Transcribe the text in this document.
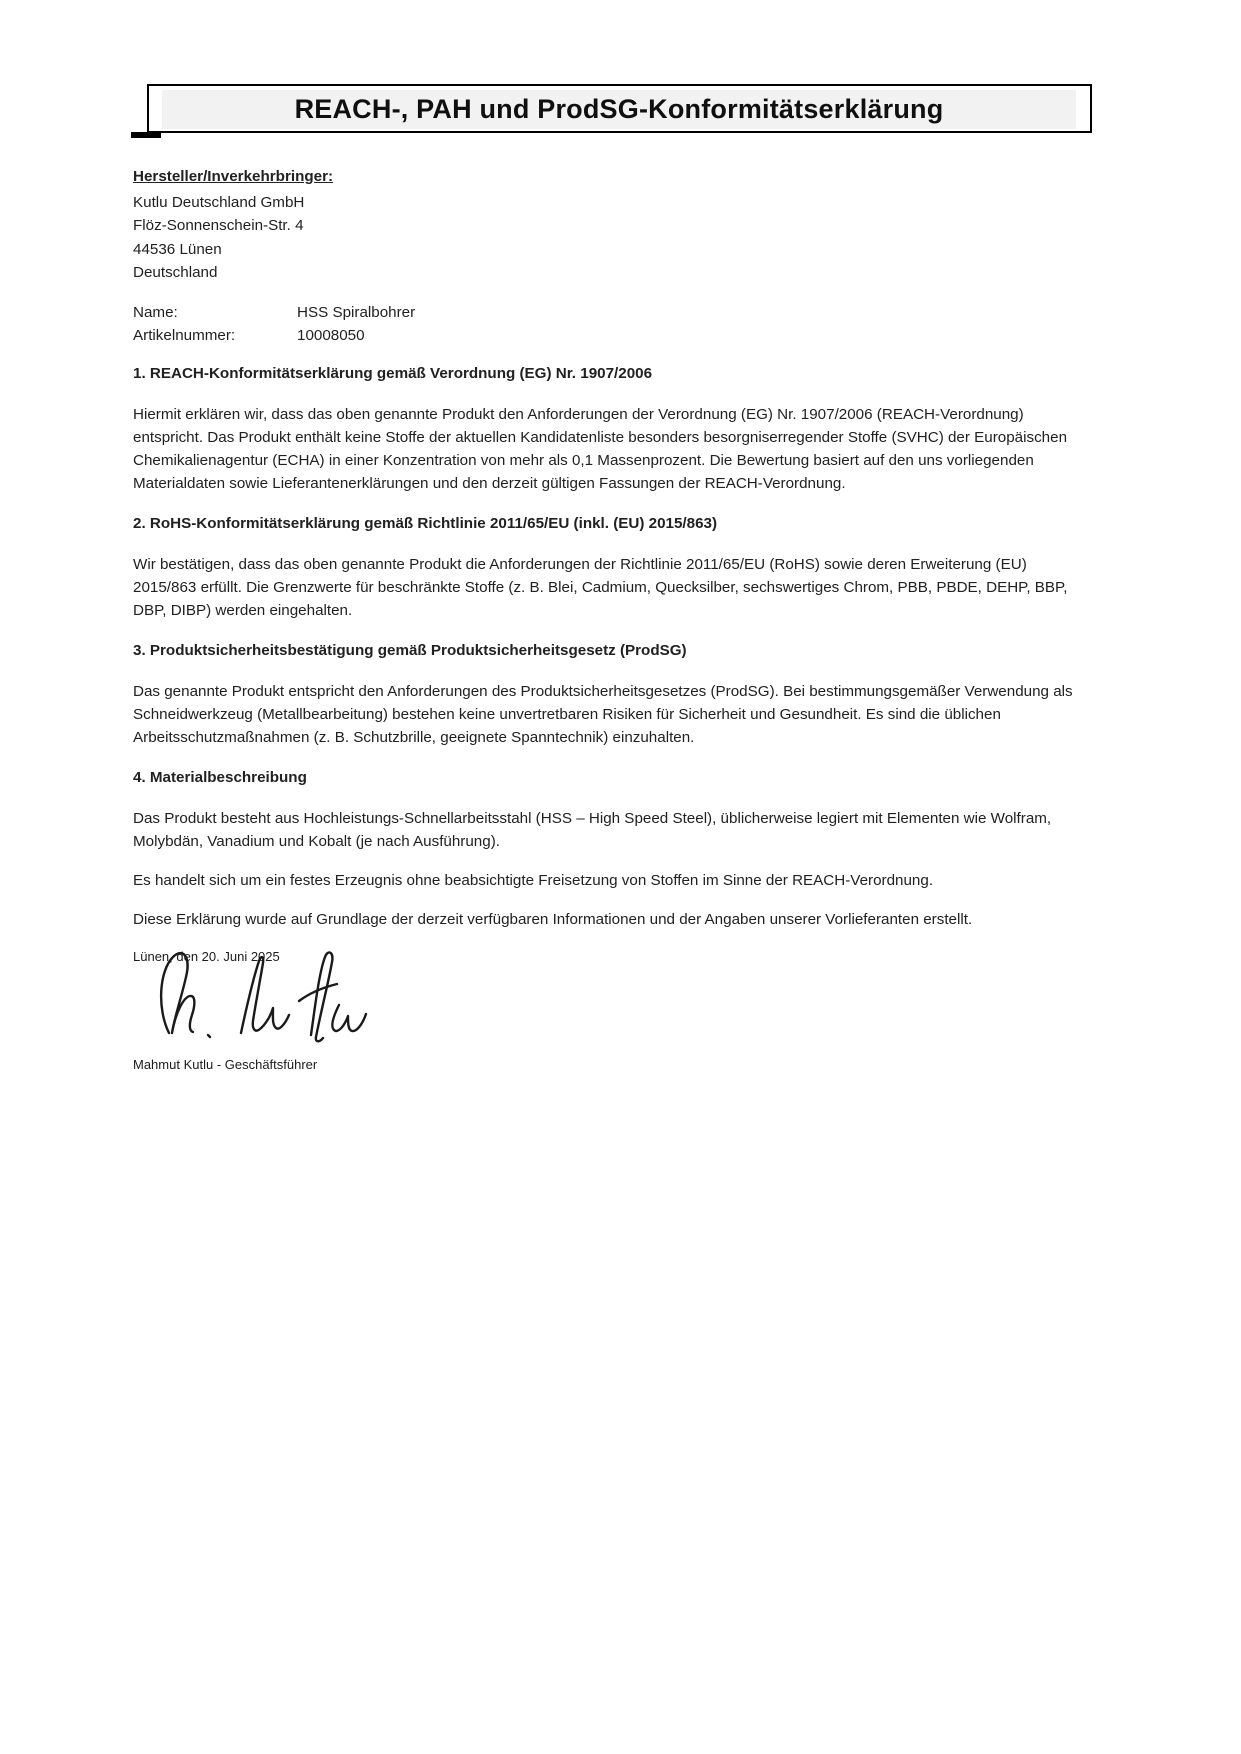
REACH-, PAH und ProdSG-Konformitätserklärung
Hersteller/Inverkehrbringer:
Kutlu Deutschland GmbH
Flöz-Sonnenschein-Str. 4
44536 Lünen
Deutschland
Name:	HSS Spiralbohrer
Artikelnummer:	10008050
1. REACH-Konformitätserklärung gemäß Verordnung (EG) Nr. 1907/2006

Hiermit erklären wir, dass das oben genannte Produkt den Anforderungen der Verordnung (EG) Nr. 1907/2006 (REACH-Verordnung) entspricht. Das Produkt enthält keine Stoffe der aktuellen Kandidatenliste besonders besorgniserregender Stoffe (SVHC) der Europäischen Chemikalienagentur (ECHA) in einer Konzentration von mehr als 0,1 Massenprozent. Die Bewertung basiert auf den uns vorliegenden Materialdaten sowie Lieferantenerklärungen und den derzeit gültigen Fassungen der REACH-Verordnung.

2. RoHS-Konformitätserklärung gemäß Richtlinie 2011/65/EU (inkl. (EU) 2015/863)

Wir bestätigen, dass das oben genannte Produkt die Anforderungen der Richtlinie 2011/65/EU (RoHS) sowie deren Erweiterung (EU) 2015/863 erfüllt. Die Grenzwerte für beschränkte Stoffe (z. B. Blei, Cadmium, Quecksilber, sechswertiges Chrom, PBB, PBDE, DEHP, BBP, DBP, DIBP) werden eingehalten.

3. Produktsicherheitsbestätigung gemäß Produktsicherheitsgesetz (ProdSG)

Das genannte Produkt entspricht den Anforderungen des Produktsicherheitsgesetzes (ProdSG). Bei bestimmungsgemäßer Verwendung als Schneidwerkzeug (Metallbearbeitung) bestehen keine unvertretbaren Risiken für Sicherheit und Gesundheit. Es sind die üblichen Arbeitsschutzmaßnahmen (z. B. Schutzbrille, geeignete Spanntechnik) einzuhalten.

4. Materialbeschreibung

Das Produkt besteht aus Hochleistungs-Schnellarbeitsstahl (HSS – High Speed Steel), üblicherweise legiert mit Elementen wie Wolfram, Molybdän, Vanadium und Kobalt (je nach Ausführung).

Es handelt sich um ein festes Erzeugnis ohne beabsichtigte Freisetzung von Stoffen im Sinne der REACH-Verordnung.

Diese Erklärung wurde auf Grundlage der derzeit verfügbaren Informationen und der Angaben unserer Vorlieferanten erstellt.

Lünen, den 20. Juni 2025
Mahmut Kutlu - Geschäftsführer
